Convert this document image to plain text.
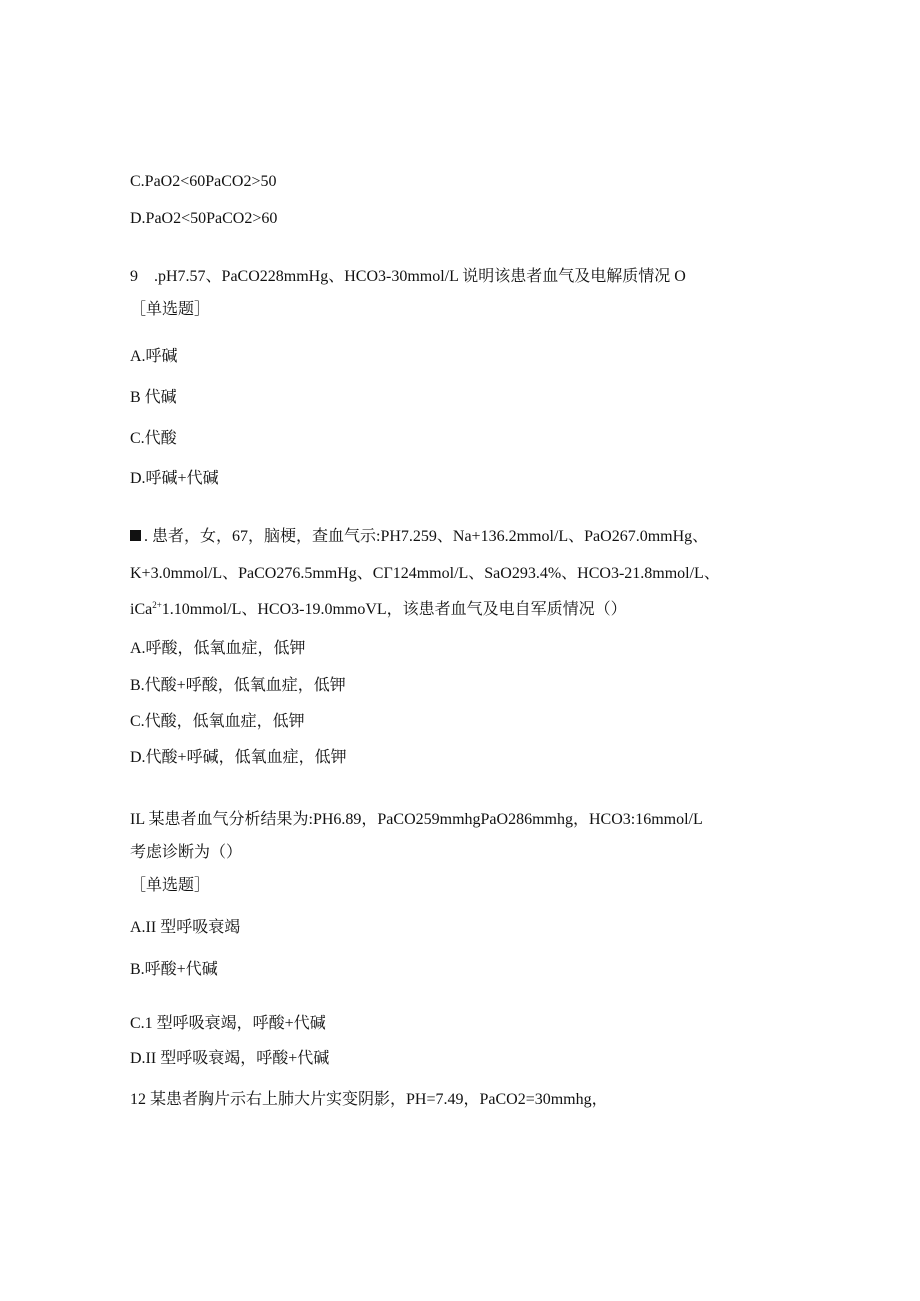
C.PaO2<60PaCO2>50
D.PaO2<50PaCO2>60
9　.pH7.57、PaCO228mmHg、HCO3-30mmol/L 说明该患者血气及电解质情况 O
［单选题］
A.呼碱
B 代碱
C.代酸
D.呼碱+代碱
. 患者，女，67，脑梗，查血气示:PH7.259、Na+136.2mmol/L、PaO267.0mmHg、
K+3.0mmol/L、PaCO276.5mmHg、CΓ124mmol/L、SaO293.4%、HCO3-21.8mmol/L、
iCa$^{2+}$1.10mmol/L、HCO3-19.0mmoVL，该患者血气及电自军质情况（）
A.呼酸，低氧血症，低钾
B.代酸+呼酸，低氧血症，低钾
C.代酸，低氧血症，低钾
D.代酸+呼碱，低氧血症，低钾
IL 某患者血气分析结果为:PH6.89，PaCO259mmhgPaO286mmhg，HCO3:16mmol/L
考虑诊断为（）
［单选题］
A.II 型呼吸衰竭
B.呼酸+代碱
C.1 型呼吸衰竭，呼酸+代碱
D.II 型呼吸衰竭，呼酸+代碱
12 某患者胸片示右上肺大片实变阴影，PH=7.49，PaCO2=30mmhg，
